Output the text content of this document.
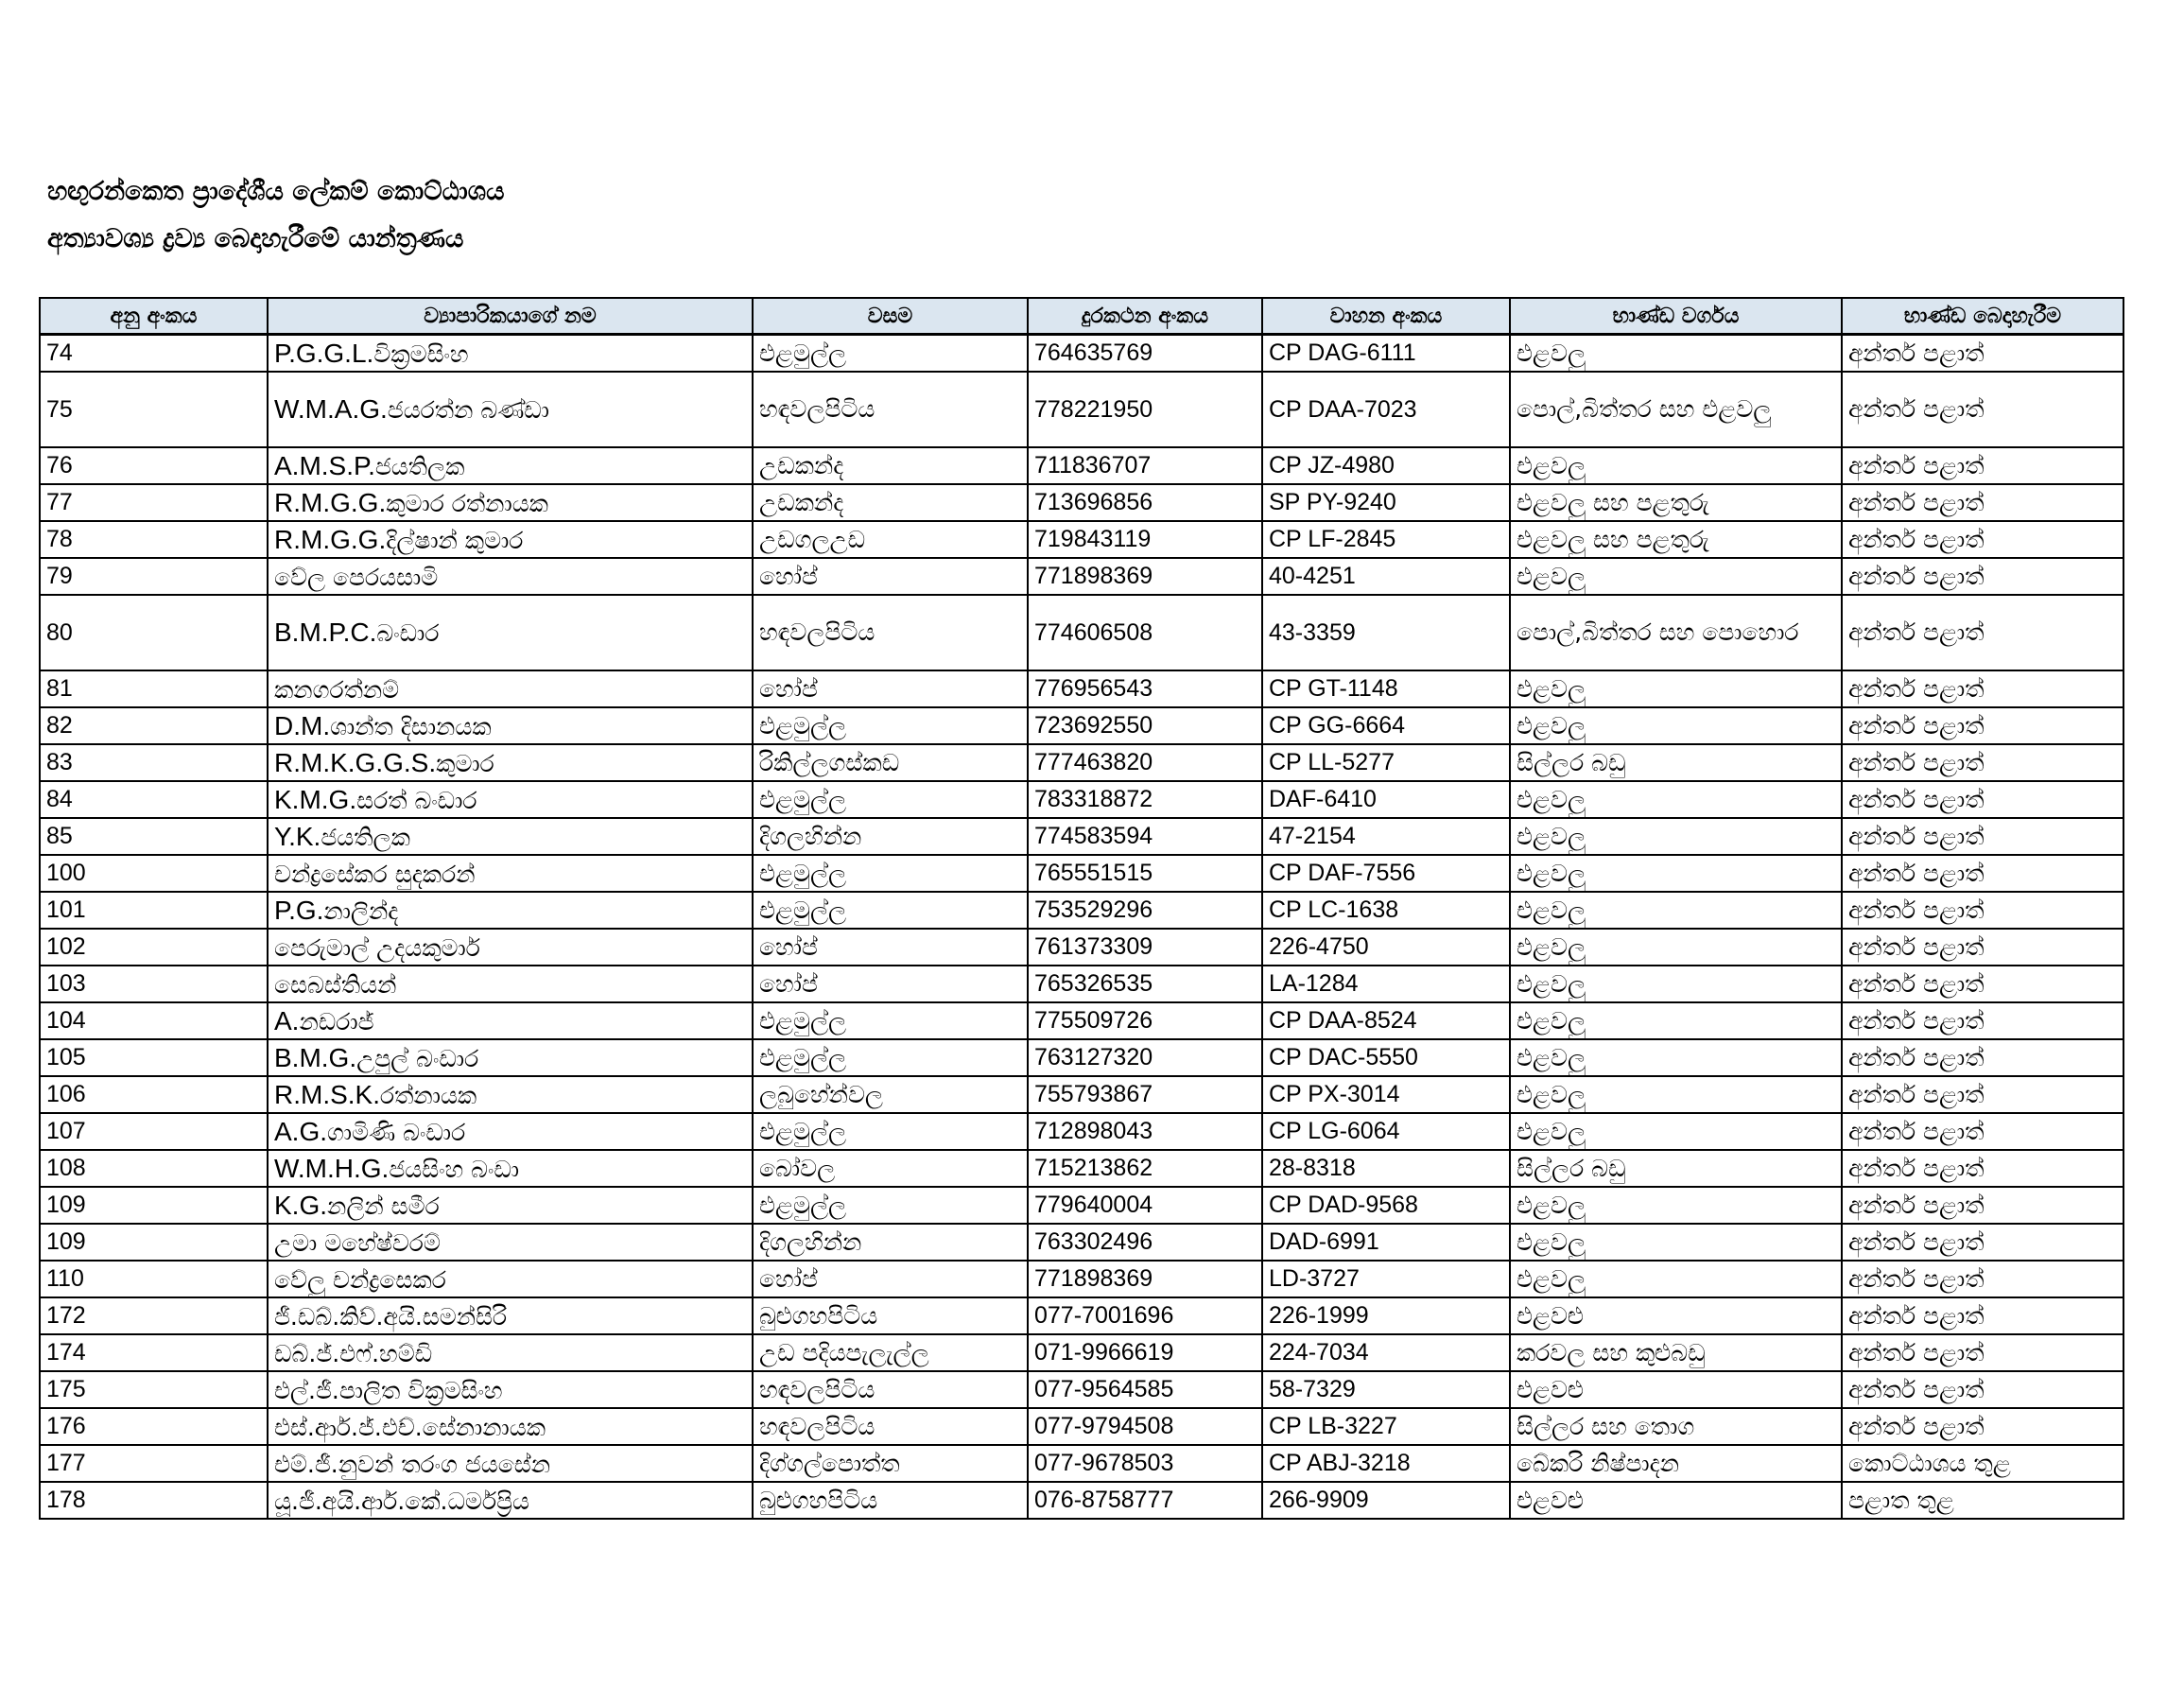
හඟුරන්කෙත ප්‍රාදේශීය ලේකම් කොට්ඨාශය
අත්‍යාවශ්‍ය ද්‍රව්‍ය බෙදාහැරීමේ යාන්ත්‍රණය
අනු අංකය	ව්‍යාපාරිකයාගේ නම	වසම	දුරකථන අංකය	වාහන අංකය	භාණ්ඩ වර්ගය	භාණ්ඩ බෙදාහැරීම
74	P.G.G.L.වික්‍රමසිංහ	එළමුල්ල	764635769	CP DAG-6111	එළවලු	අන්තර් පළාත්
75	W.M.A.G.ජයරත්න බණ්ඩා	හඳවලපිටිය	778221950	CP DAA-7023	පොල්,බිත්තර සහ එළවලු	අන්තර් පළාත්
76	A.M.S.P.ජයතිලක	උඩකන්ද	711836707	CP JZ-4980	එළවලු	අන්තර් පළාත්
77	R.M.G.G.කුමාර රත්නායක	උඩකන්ද	713696856	SP PY-9240	එළවලු සහ පළතුරු	අන්තර් පළාත්
78	R.M.G.G.දිල්ෂාන් කුමාර	උඩගලඋඩ	719843119	CP LF-2845	එළවලු සහ පළතුරු	අන්තර් පළාත්
79	වේල පෙරයසාමි	හෝප්	771898369	40-4251	එළවලු	අන්තර් පළාත්
80	B.M.P.C.බංඩාර	හඳවලපිටිය	774606508	43-3359	පොල්,බිත්තර සහ පොහොර	අන්තර් පළාත්
81	කනගරත්නම්	හෝප්	776956543	CP GT-1148	එළවලු	අන්තර් පළාත්
82	D.M.ශාන්ත දිසානයක	එළමුල්ල	723692550	CP GG-6664	එළවලු	අන්තර් පළාත්
83	R.M.K.G.G.S.කුමාර	රිකිල්ලගස්කඩ	777463820	CP LL-5277	සිල්ලර බඩු	අන්තර් පළාත්
84	K.M.G.සරත් බංඩාර	එළමුල්ල	783318872	DAF-6410	එළවලු	අන්තර් පළාත්
85	Y.K.ජයතිලක	දිගලහින්න	774583594	47-2154	එළවලු	අන්තර් පළාත්
100	චන්ද්‍රසේකර සුදකරන්	එළමුල්ල	765551515	CP DAF-7556	එළවලු	අන්තර් පළාත්
101	P.G.නාලින්ද	එළමුල්ල	753529296	CP LC-1638	එළවලු	අන්තර් පළාත්
102	පෙරුමාල් උදයකුමාර්	හෝප්	761373309	226-4750	එළවලු	අන්තර් පළාත්
103	සෙබස්තියන්	හෝප්	765326535	LA-1284	එළවලු	අන්තර් පළාත්
104	A.නඩරාජ්	එළමුල්ල	775509726	CP DAA-8524	එළවලු	අන්තර් පළාත්
105	B.M.G.උපුල් බංඩාර	එළමුල්ල	763127320	CP DAC-5550	එළවලු	අන්තර් පළාත්
106	R.M.S.K.රත්නායක	ලබුහේන්වල	755793867	CP PX-3014	එළවලු	අන්තර් පළාත්
107	A.G.ගාමිණි බංඩාර	එළමුල්ල	712898043	CP LG-6064	එළවලු	අන්තර් පළාත්
108	W.M.H.G.ජයසිංහ බංඩා	බෝවල	715213862	28-8318	සිල්ලර බඩු	අන්තර් පළාත්
109	K.G.නලින් සමීර	එළමුල්ල	779640004	CP DAD-9568	එළවලු	අන්තර් පළාත්
109	උමා මහේෂ්වරම්	දිගලහින්න	763302496	DAD-6991	එළවලු	අන්තර් පළාත්
110	වේලු චන්ද්‍රසෙකර	හෝප්	771898369	LD-3727	එළවලු	අන්තර් පළාත්
172	ජී.ඩබ්.කිව්.අයි.සමන්සිරි	බුළුගහපිටිය	077-7001696	226-1999	එළවළු	අන්තර් පළාත්
174	ඩබ්.ජ්.එෆ්.හම්ඩි	උඩ පදියපැලැල්ල	071-9966619	224-7034	කරවල සහ කුළුබඩු	අන්තර් පළාත්
175	එල්.ජී.පාලිත වික්‍රමසිංහ	හඳවලපිටිය	077-9564585	58-7329	එළවළු	අන්තර් පළාත්
176	එස්.ආර්.ජ්.එච්.සේනානායක	හඳවලපිටිය	077-9794508	CP LB-3227	සිල්ලර සහ තොග	අන්තර් පළාත්
177	එම්.ජී.නුවන් තරංග ජයසේන	දිග්ගල්පොත්ත	077-9678503	CP ABJ-3218	බේකරි නිෂ්පාදන	කොට්ඨාශය තුළ
178	යූ.ජී.අයි.ආර්.කේ.ධර්මප්‍රිය	බුළුගහපිටිය	076-8758777	266-9909	එළවළු	පළාත තුළ
